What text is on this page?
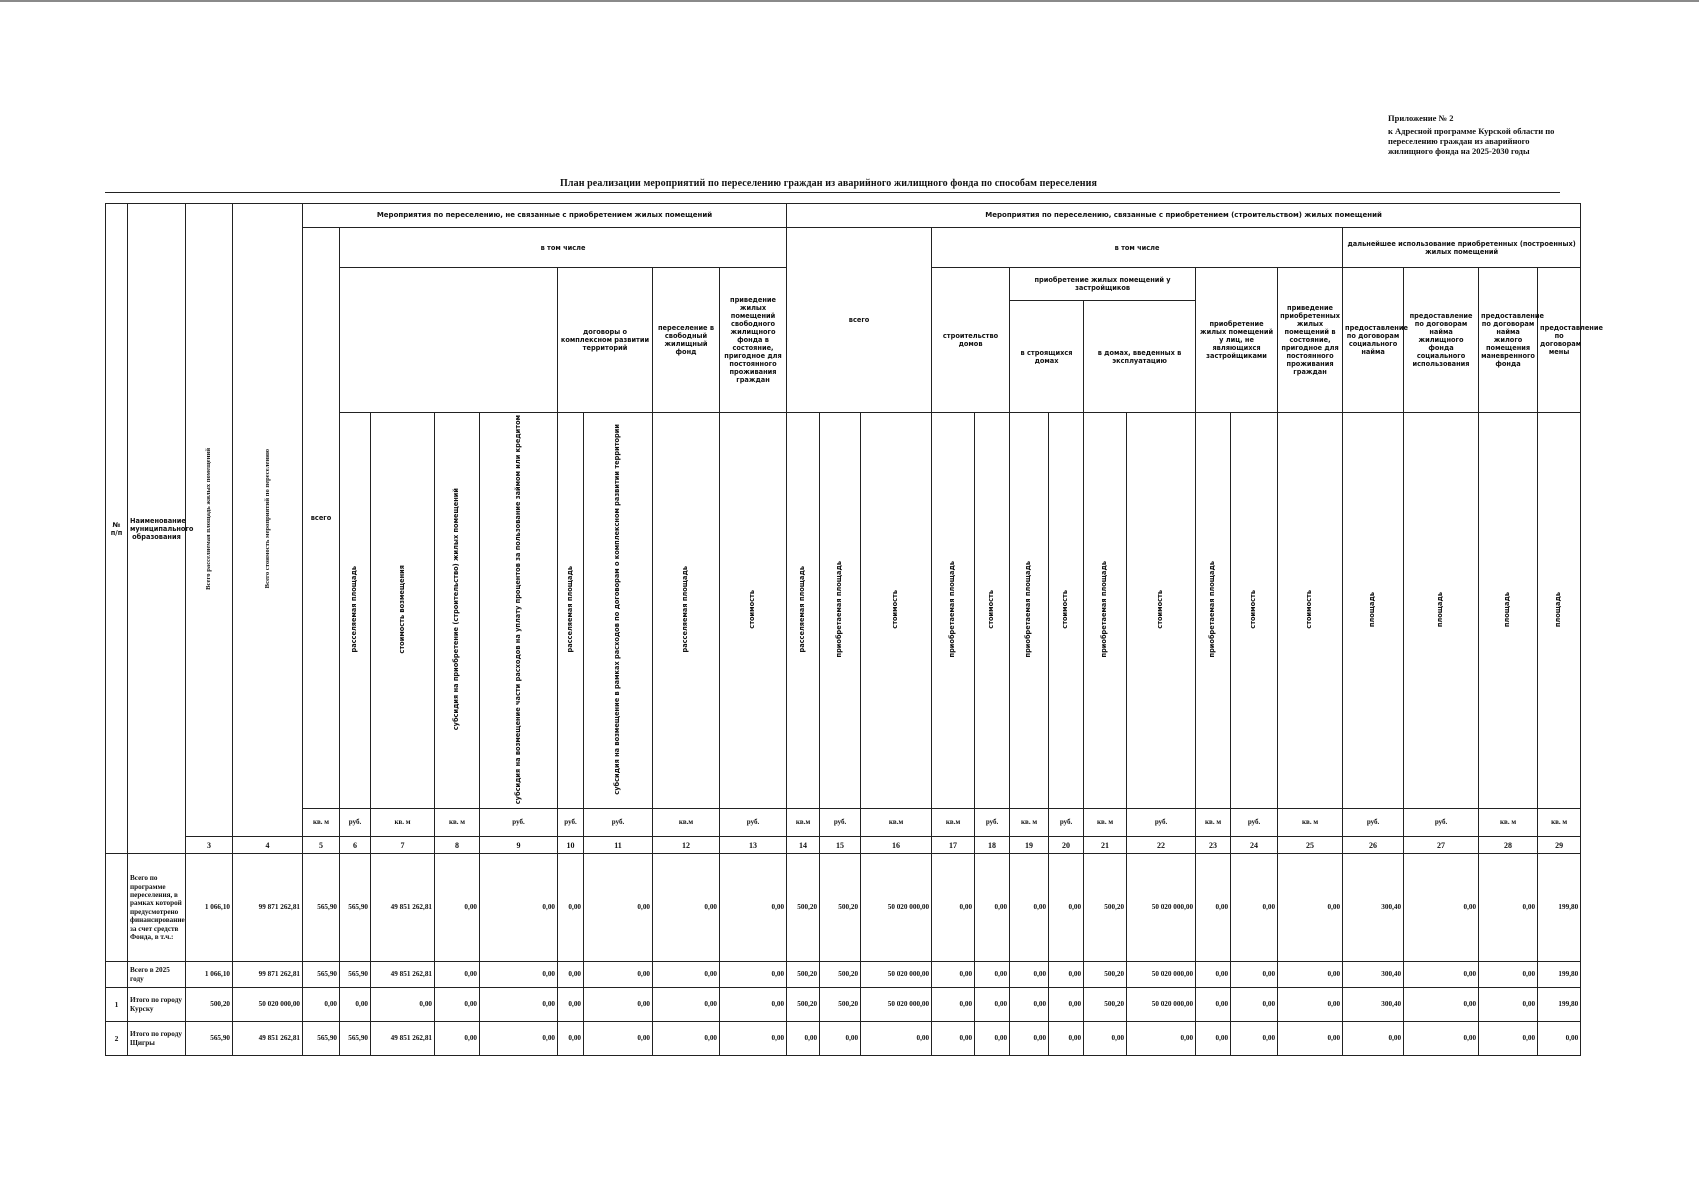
Приложение № 2
к Адресной программе Курской области по переселению граждан из аварийного жилищного фонда на 2025-2030 годы
План реализации мероприятий по переселению граждан из аварийного жилищного фонда по способам переселения
№ п/п	Наименование муниципального образования	Всего расселяемая площадь жилых помещений	Всего стоимость мероприятий по переселению	Мероприятия по переселению, не связанные с приобретением жилых помещений									Мероприятия по переселению, связанные с приобретением (строительством) жилых помещений																
				всего	в том числе								всего			в том числе									дальнейшее использование приобретенных (построенных) жилых помещений				
									договоры о комплексном развитии территорий		переселение в свободный жилищный фонд	приведение жилых помещений свободного жилищного фонда в состояние, пригодное для постоянного проживания граждан				строительство домов		приобретение жилых помещений у застройщиков				приобретение жилых помещений у лиц, не являющихся застройщиками		приведение приобретенных жилых помещений в состояние, пригодное для постоянного проживания граждан	предоставление по договорам социального найма	предоставление по договорам найма жилищного фонда социального использования	предоставление по договорам найма жилого помещения маневренного фонда	предоставление по договорам мены	
																		в строящихся домах		в домах, введенных в эксплуатацию									
					расселяемая площадь	стоимость возмещения	субсидия на приобретение (строительство) жилых помещений	субсидия на возмещение части расходов на уплату процентов за пользование займом или кредитом	расселяемая площадь	субсидия на возмещение в рамках расходов по договорам о комплексном развитии территории	расселяемая площадь	стоимость	расселяемая площадь	приобретаемая площадь	стоимость	приобретаемая площадь	стоимость	приобретаемая площадь	стоимость	приобретаемая площадь	стоимость	приобретаемая площадь	стоимость	стоимость	площадь	площадь	площадь	площадь	
				кв. м	руб.	кв. м	кв. м	руб.	руб.	руб.	кв.м	руб.	кв.м	руб.	кв.м	кв.м	руб.	кв. м	руб.	кв. м	руб.	кв. м	руб.	кв. м	руб.	руб.	кв. м	кв. м		
		3	4	5	6	7	8	9	10	11	12	13	14	15	16	17	18	19	20	21	22	23	24	25	26	27	28	29	
	Всего по программе переселения, в рамках которой предусмотрено финансирование за счет средств Фонда, в т.ч.:	1 066,10	99 871 262,81	565,90	565,90	49 851 262,81	0,00	0,00	0,00	0,00	0,00	0,00	500,20	500,20	50 020 000,00	0,00	0,00	0,00	0,00	500,20	50 020 000,00	0,00	0,00	0,00	300,40	0,00	0,00	199,80	
	Всего в 2025 году	1 066,10	99 871 262,81	565,90	565,90	49 851 262,81	0,00	0,00	0,00	0,00	0,00	0,00	500,20	500,20	50 020 000,00	0,00	0,00	0,00	0,00	500,20	50 020 000,00	0,00	0,00	0,00	300,40	0,00	0,00	199,80	
1	Итого по городу Курску	500,20	50 020 000,00	0,00	0,00	0,00	0,00	0,00	0,00	0,00	0,00	0,00	500,20	500,20	50 020 000,00	0,00	0,00	0,00	0,00	500,20	50 020 000,00	0,00	0,00	0,00	300,40	0,00	0,00	199,80	
2	Итого по городу Щигры	565,90	49 851 262,81	565,90	565,90	49 851 262,81	0,00	0,00	0,00	0,00	0,00	0,00	0,00	0,00	0,00	0,00	0,00	0,00	0,00	0,00	0,00	0,00	0,00	0,00	0,00	0,00	0,00	0,00	
